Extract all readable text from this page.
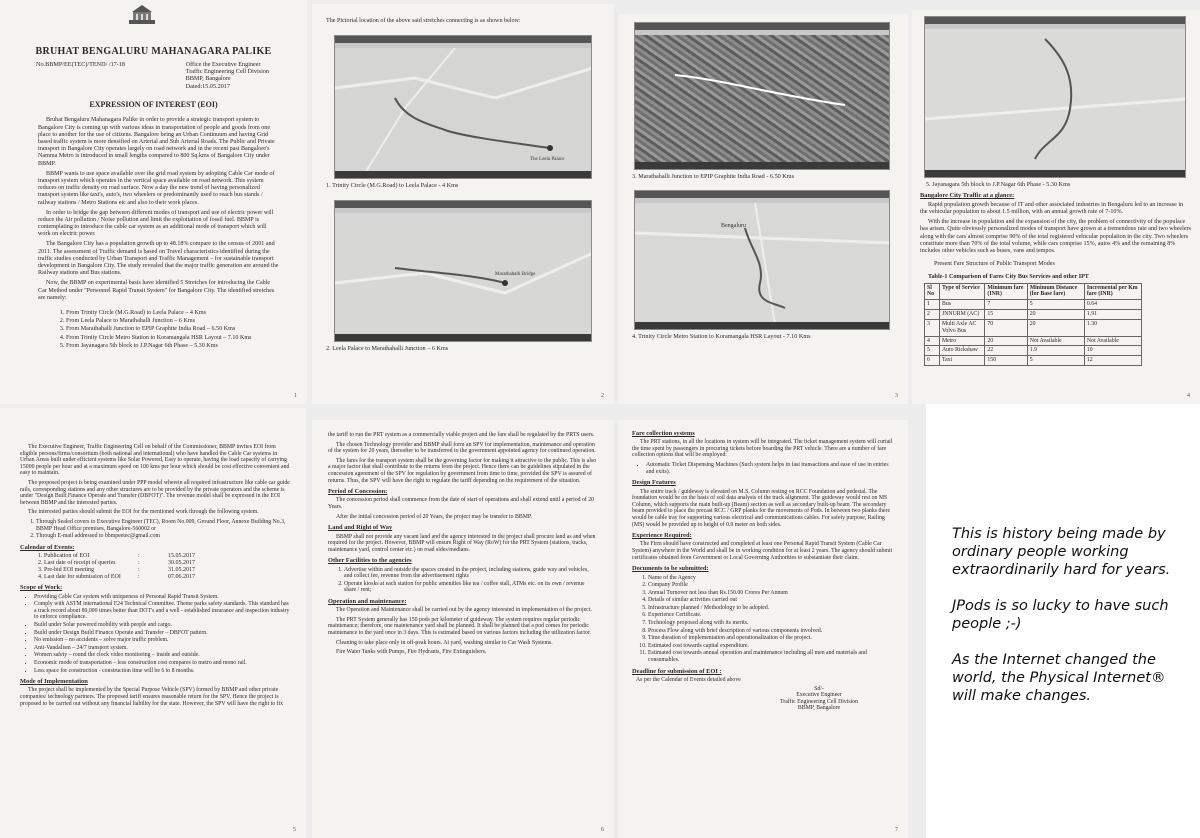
BRUHAT BENGALURU MAHANAGARA PALIKE
No.BBMP/EE(TEC)/TEND/ /17-18	Office the Executive Engineer
Traffic Engineering Cell Division
BBMP, Bangalore
Dated:15.05.2017
EXPRESSION OF INTEREST (EOI)

Bruhat Bengaluru Mahanagara Palike in order to provide a strategic transport system to Bangalore City is coming up with various ideas in transportation of people and goods from one place to another for the use of citizens. Bangalore being an Urban Continuum and having Grid based traffic system is more densified on Arterial and Sub Arterial Roads. The Public and Private transport in Bangalore City operates largely on road network and in the recent past Bangalore's Namma Metro is introduced in small lengths compared to 800 Sq.kms of Bangalore City under BBMP.

BBMP wants to use space available over the grid road system by adopting Cable Car mode of transport system which operates in the vertical space available on road network. This system reduces on traffic density on road surface. Now a day the new trend of having personalized transport system like taxi's, auto's, two wheelers or predominantly used to reach bus stands / railway stations / Metro Stations etc and also to their work places.

In order to bridge the gap between different modes of transport and use of electric power will reduce the Air pollution / Noise pollution and limit the exploitation of fossil fuel. BBMP is contemplating to introduce the cable car system as an additional mode of transport which will work on electric power.

The Bangalore City has a population growth up to 48.18% compare to the census of 2001 and 2011. The assessment of Traffic demand is based on Travel characteristics identified during the traffic studies conducted by Urban Transport and Traffic Management – for sustainable transport development in Bangalore City. The study revealed that the major traffic generation are around the Railway stations and Bus stations.

Now, the BBMP on experimental basis have identified 5 Stretches for introducing the Cable Car Method under "Personnel Rapid Transit System" for Bangalore City. The identified stretches are namely:

1. From Trinity Circle (M.G.Road) to Leela Palace – 4 Kms
2. From Leela Palace to Marathahalli Junction – 6 Kms
3. From Marathahalli Junction to EPIP Graphite India Road – 6.50 Kms
4. From Trinity Circle Metro Station to Koramangala HSR Layout – 7.10 Kms
5. From Jayanagara 5th block to J.P.Nagar 6th Phase – 5.30 Kms
1
The Pictorial location of the above said stretches connecting is as shown below:
The Leela Palace
1. Trinity Circle (M.G.Road) to Leela Palace - 4 Kms
Marathahalli Bridge
2. Leela Palace to Marathahalli Junction – 6 Kms
2
3. Marathahalli Junction to EPIP Graphite India Road - 6.50 Kms
Bengaluru
4. Trinity Circle Metro Station to Koramangala HSR Layout - 7.10 Kms
3
5. Jayanagara 5th block to J.P.Nagar 6th Phase - 5.30 Kms
Bangalore City Traffic at a glance:

Rapid population growth because of IT and other associated industries in Bengaluru led to an increase in the vehicular population to about 1.5 million, with an annual growth rate of 7-10%.

With the increase in population and the expansion of the city, the problem of connectivity of the populace has arisen. Quite obviously personalized modes of transport have grown at a tremendous rate and two wheelers along with the cars almost comprise 90% of the total registered vehicular population in the city. Two wheelers constitute more than 70% of the total volume, while cars comprise 15%, autos 4% and the remaining 8% includes other vehicles such as buses, vans and tempos.

Present Fare Structure of Public Transport Modes
Table-1 Comparison of Fares City Bus Services and other IPT
Sl No	Type of Service	Minimum fare (INR)	Minimum Distance (for Base fare)	Incremental per Km fare (INR)
1	Bus	7	5	0.64
2	JNNURM (AC)	15	20	1.91
3	Multi Axle AC Volvo Bus	70	20	1.30
4	Metro	20	Not Available	Not Available
5	Auto Rickshaw	22	1.9	10
6	Taxi	150	5	12
4

The Executive Engineer, Traffic Engineering Cell on behalf of the Commissioner, BBMP invites EOI from eligible persons/firms/consortium (both national and international) who have handled the Cable Car systems in Urban Areas built under efficient systems like Solar Powered, Easy to operate, having the load capacity of carrying 15000 people per hour and at a maximum speed on 100 kms per hour which should be cost effective convenient and easy to maintain.

The proposed project is being examined under PPP model wherein all required infrastructure like cable car guide rails, corresponding stations and any other structures are to be provided by the private operators and the scheme is under "Design Built Finance Operate and Transfer (DBFOT)". The revenue model shall be expressed in the EOI between BBMP and the interested parties.

The interested parties should submit the EOI for the mentioned work through the following system.

1. Through Sealed covers to Executive Engineer (TEC), Room No.009, Ground Floor, Annexe Building No.3, BBMP Head Office premises, Bangalore-560002 or
2. Through E-mail addressed to bbmpeetec@gmail.com
Calendar of Events:
1. Publication of EOI	:	15.05.2017
2. Last date of receipt of queries	:	30.05.2017
3. Pre-bid EOI meeting	:	31.05.2017
4. Last date for submission of EOI	:	07.06.2017
Scope of Work:
• Providing Cable Car system with uniqueness of Personal Rapid Transit System.
• Comply with ASTM international F24 Technical Committee. Theme parks safety standards. This standard has a track record about 80,000 times better than DOT's and a well - established insurance and inspection industry to enforce compliance.
• Build under Solar powered mobility with people and cargo.
• Build under Design Build Finance Operate and Transfer – DBFOT pattern.
• No emission – no accidents – solve major traffic problem.
• Anti-Vandalism – 24/7 transport system.
• Women safety – round the clock video monitoring – inside and outside.
• Economic mode of transportation – less construction cost compares to metro and mono rail.
• Less space for construction - construction time will be 6 to 8 months.
Mode of Implementation

The project shall be implemented by the Special Purpose Vehicle (SPV) formed by BBMP and other private companies/ technology partners. The proposed tariff ensures reasonable return for the SPV. Hence the project is proposed to be carried out without any financial liability for the state. However, the SPV will have the right to fix

5

the tariff to run the PRT system as a commercially viable project and the fare shall be regulated by the PRTS users.

The chosen Technology provider and BBMP shall form an SPV for implementation, maintenance and operation of the system for 20 years, thereafter to be transferred to the government appointed agency for continued operation.

The fares for the transport system shall be the governing factor for making it attractive to the public. This is also a major factor that shall contribute to the returns from the project. Hence there can be guidelines stipulated in the concession agreement of the SPV for regulation by government from time to time, provided the SPV is assured of returns. Thus, the SPV will have the right to regulate the tariff depending on the requirement of the situation.

Period of Concession:

The concession period shall commence from the date of start of operations and shall extend until a period of 20 Years.

After the initial concession period of 20 Years, the project may be transfer to BBMP.

Land and Right of Way

BBMP shall not provide any vacant land and the agency interested in the project shall procure land as and when required for the project. However, BBMP will ensure Right of Way (RoW) for the PRT System (stations, tracks, maintenance yard, control center etc.) on road sides/medians.

Other Facilities to the agencies
1. Advertise within and outside the spaces created in the project, including stations, guide way and vehicles, and collect fee, revenue from the advertisement rights
2. Operate kiosks at each station for public amenities like tea / coffee stall, ATMs etc. on its own / revenue share / rent;
Operation and maintenance:

The Operation and Maintenance shall be carried out by the agency interested in implementation of the project.

The PRT System generally has 150 pods per kilometer of guideway. The system requires regular periodic maintenance; therefore, one maintenance yard shall be planned. It shall be planned that a pod comes for periodic maintenance to the yard once in 3 days. This is estimated based on various factors including the utilization factor.

Cleaning to take place only in off-peak hours. At yard, washing similar to Car Wash Systems.

Fire Water Tanks with Pumps, Fire Hydrants, Fire Extinguishers.

6
Fare collection systems

The PRT stations, in all the locations in system will be integrated. The ticket management system will curtail the time spent by passengers in procuring tickets before boarding the PRT vehicle. There are a number of fare collection options that will be employed:

• Automatic Ticket Dispensing Machines (Such system helps in fast transactions and ease of use in entries and exits).
Design Features

The entire track / guideway is elevated on M.S. Column resting on RCC Foundation and pedestal. The foundation would be on the basis of soil data analysis of the track alignment. The guideway would rest on MS Column, which supports the main built-up (Beam) section as well as secondary built-up beam. The secondary beam provided to place the precast RCC / GRP planks for the movements of Pods. In between two planks there would be cable tray for supporting various electrical and communications cables. For safety purpose, Railing (MS) would be provided up to height of 0.9 meter on both sides.

Experience Required:

The Firm should have constructed and completed at least one Personal Rapid Transit System (Cable Car System) anywhere in the World and shall be in working condition for at least 2 years. The agency should submit certificates obtained from Government or Local Governing Authorities to substantiate their claim.

Documents to be submitted:
1. Name of the Agency
2. Company Profile
3. Annual Turnover not less than Rs.150.00 Crores Per Annum
4. Details of similar activities carried out
5. Infrastructure planned / Methodology to be adopted.
6. Experience Certificate.
7. Technology proposed along with its merits.
8. Process Flow along with brief description of various components involved.
9. Time duration of implementation and operationalization of the project.
10. Estimated cost towards capital expenditure.
11. Estimated cost towards annual operation and maintenance including all men and materials and consumables.
Deadline for submission of EOI :
As per the Calendar of Events detailed above
Sd/-
Executive Engineer
Traffic Engineering Cell Division
BBMP, Bangalore
7

This is history being made by ordinary people working extraordinarily hard for years.

JPods is so lucky to have such people ;-)

As the Internet changed the world, the Physical Internet® will make changes.
